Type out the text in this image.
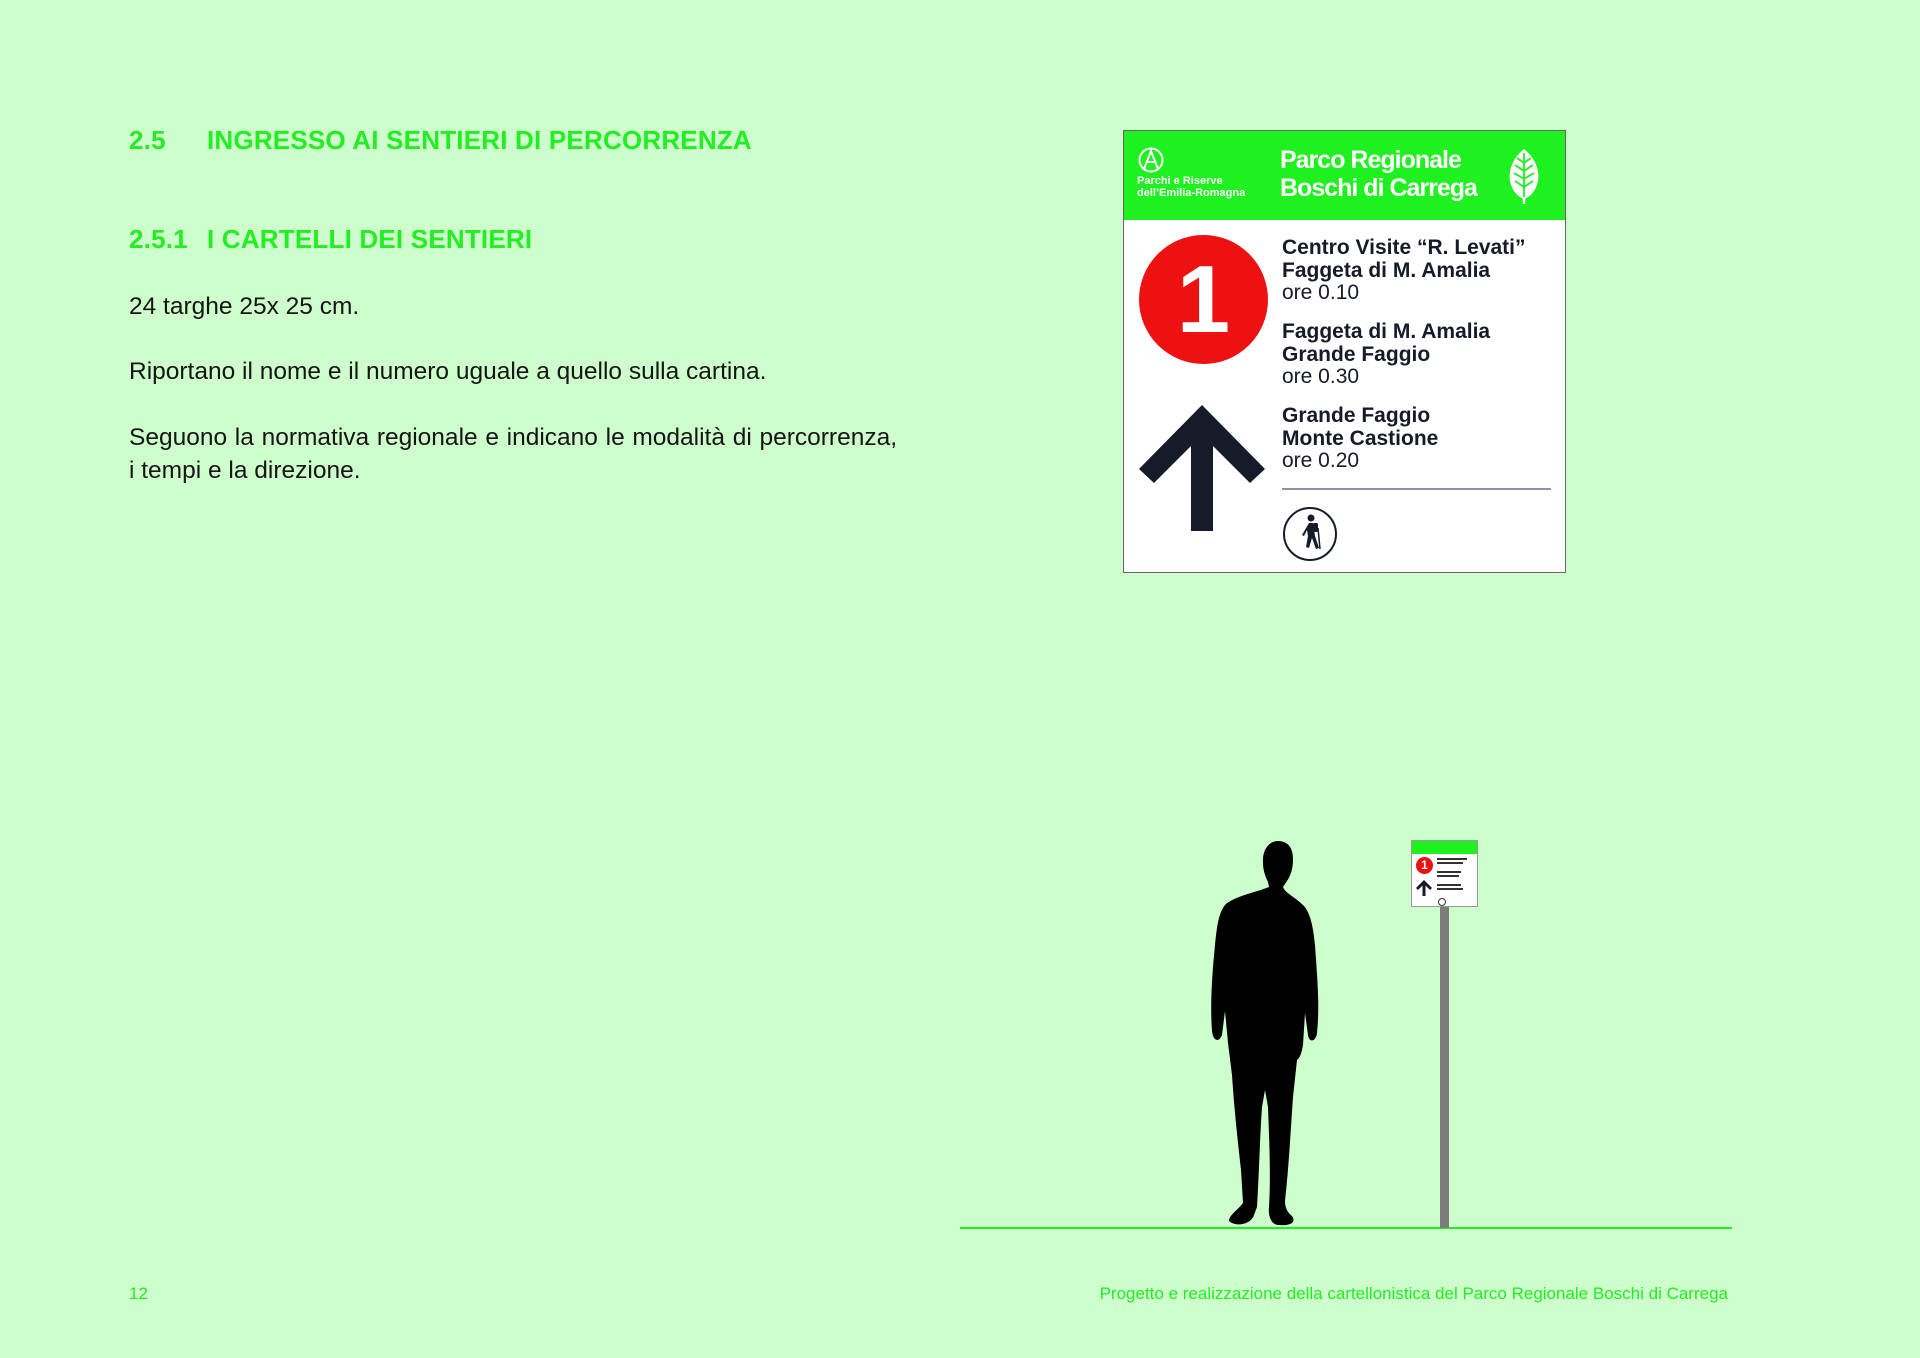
2.5 INGRESSO AI SENTIERI DI PERCORRENZA
2.5.1 I CARTELLI DEI SENTIERI
24 targhe 25x 25 cm.
Riportano il nome e il numero uguale a quello sulla cartina.
Seguono la normativa regionale e indicano le modalità di percorrenza, i tempi e la direzione.
Parchi e Riserve
dell’Emilia-Romagna
Parco Regionale
Boschi di Carrega
1	Centro Visite “R. Levati”
Faggeta di M. Amalia
ore 0.10
Faggeta di M. Amalia
Grande Faggio
ore 0.30
Grande Faggio
Monte Castione
ore 0.20
1
12	Progetto e realizzazione della cartellonistica del Parco Regionale Boschi di Carrega
